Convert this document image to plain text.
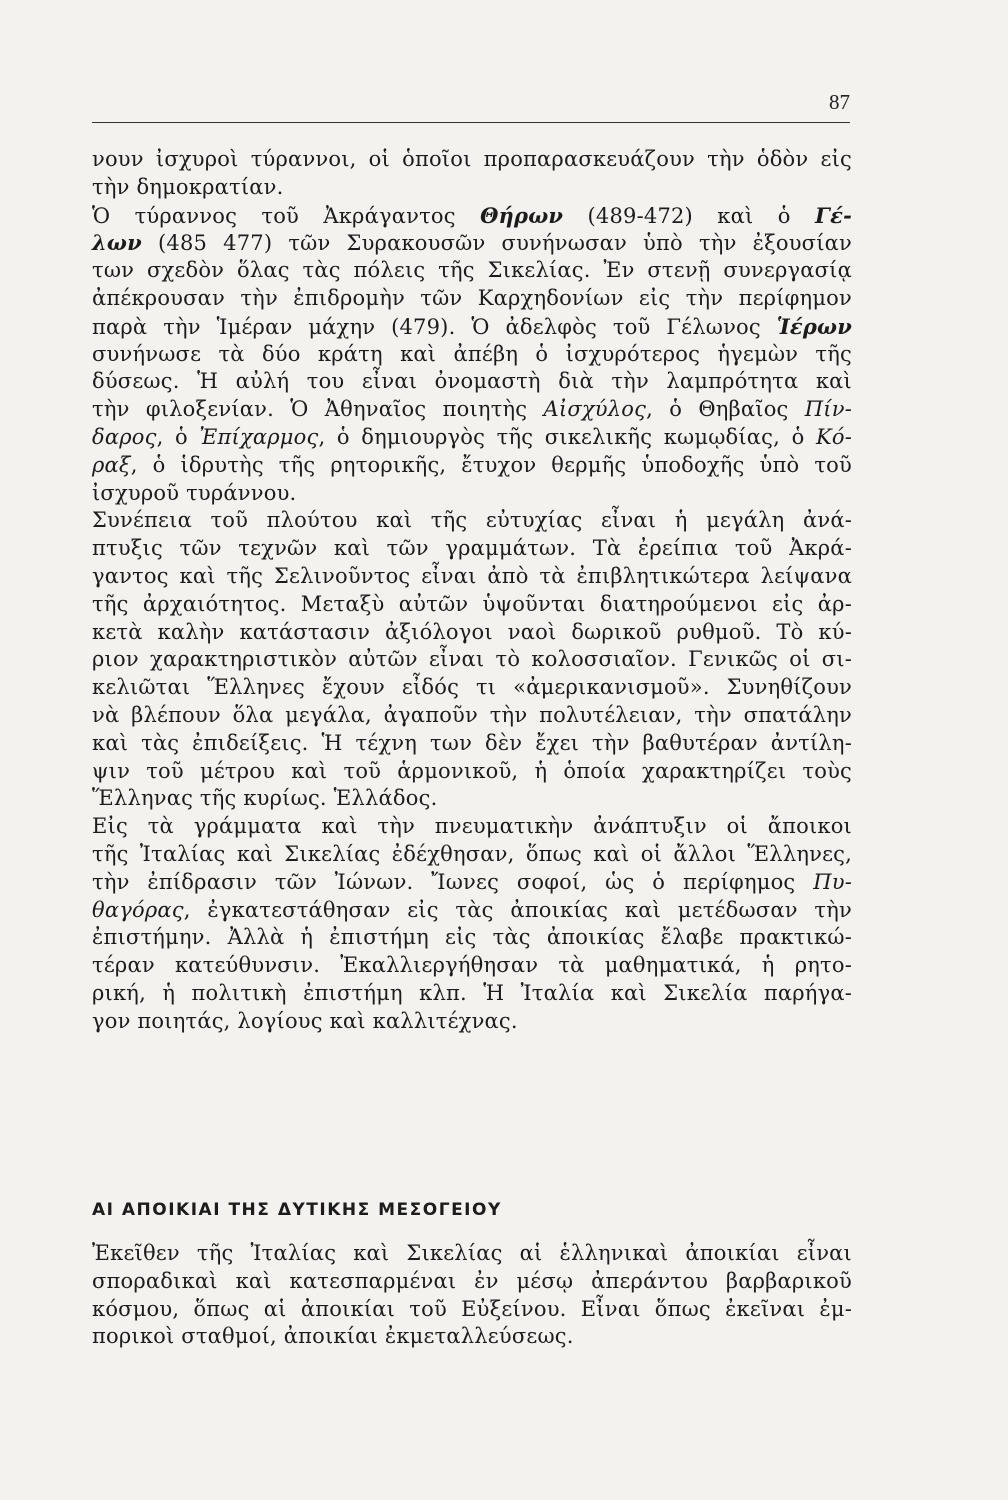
87
νουν ἰσχυροὶ τύραννοι, οἱ ὁποῖοι προπαρασκευάζουν τὴν ὁδὸν εἰς
τὴν δημοκρατίαν.
Ὁ τύραννος τοῦ Ἀκράγαντος Θήρων (489-472) καὶ ὁ Γέ-
λων (485 477) τῶν Συρακουσῶν συνήνωσαν ὑπὸ τὴν ἐξουσίαν
των σχεδὸν ὅλας τὰς πόλεις τῆς Σικελίας. Ἐν στενῇ συνεργασίᾳ
ἀπέκρουσαν τὴν ἐπιδρομὴν τῶν Καρχηδονίων εἰς τὴν περίφημον
παρὰ τὴν Ἱμέραν μάχην (479). Ὁ ἀδελφὸς τοῦ Γέλωνος Ἱέρων
συνήνωσε τὰ δύο κράτη καὶ ἀπέβη ὁ ἰσχυρότερος ἡγεμὼν τῆς
δύσεως. Ἡ αὐλή του εἶναι ὀνομαστὴ διὰ τὴν λαμπρότητα καὶ
τὴν φιλοξενίαν. Ὁ Ἀθηναῖος ποιητὴς Αἰσχύλος, ὁ Θηβαῖος Πίν-
δαρος, ὁ Ἐπίχαρμος, ὁ δημιουργὸς τῆς σικελικῆς κωμῳδίας, ὁ Κό-
ραξ, ὁ ἱδρυτὴς τῆς ρητορικῆς, ἔτυχον θερμῆς ὑποδοχῆς ὑπὸ τοῦ
ἰσχυροῦ τυράννου.
Συνέπεια τοῦ πλούτου καὶ τῆς εὐτυχίας εἶναι ἡ μεγάλη ἀνά-
πτυξις τῶν τεχνῶν καὶ τῶν γραμμάτων. Τὰ ἐρείπια τοῦ Ἀκρά-
γαντος καὶ τῆς Σελινοῦντος εἶναι ἀπὸ τὰ ἐπιβλητικώτερα λείψανα
τῆς ἀρχαιότητος. Μεταξὺ αὐτῶν ὑψοῦνται διατηρούμενοι εἰς ἀρ-
κετὰ καλὴν κατάστασιν ἀξιόλογοι ναοὶ δωρικοῦ ρυθμοῦ. Τὸ κύ-
ριον χαρακτηριστικὸν αὐτῶν εἶναι τὸ κολοσσιαῖον. Γενικῶς οἱ σι-
κελιῶται Ἕλληνες ἔχουν εἶδός τι «ἀμερικανισμοῦ». Συνηθίζουν
νὰ βλέπουν ὅλα μεγάλα, ἀγαποῦν τὴν πολυτέλειαν, τὴν σπατάλην
καὶ τὰς ἐπιδείξεις. Ἡ τέχνη των δὲν ἔχει τὴν βαθυτέραν ἀντίλη-
ψιν τοῦ μέτρου καὶ τοῦ ἁρμονικοῦ, ἡ ὁποία χαρακτηρίζει τοὺς
Ἕλληνας τῆς κυρίως. Ἑλλάδος.
Εἰς τὰ γράμματα καὶ τὴν πνευματικὴν ἀνάπτυξιν οἱ ἄποικοι
τῆς Ἰταλίας καὶ Σικελίας ἐδέχθησαν, ὅπως καὶ οἱ ἄλλοι Ἕλληνες,
τὴν ἐπίδρασιν τῶν Ἰώνων. Ἴωνες σοφοί, ὡς ὁ περίφημος Πυ-
θαγόρας, ἐγκατεστάθησαν εἰς τὰς ἀποικίας καὶ μετέδωσαν τὴν
ἐπιστήμην. Ἀλλὰ ἡ ἐπιστήμη εἰς τὰς ἀποικίας ἔλαβε πρακτικώ-
τέραν κατεύθυνσιν. Ἐκαλλιεργήθησαν τὰ μαθηματικά, ἡ ρητο-
ρική, ἡ πολιτικὴ ἐπιστήμη κλπ. Ἡ Ἰταλία καὶ Σικελία παρήγα-
γον ποιητάς, λογίους καὶ καλλιτέχνας.
ΑΙ ΑΠΟΙΚΙΑΙ ΤΗΣ ΔΥΤΙΚΗΣ ΜΕΣΟΓΕΙΟΥ
Ἐκεῖθεν τῆς Ἰταλίας καὶ Σικελίας αἱ ἑλληνικαὶ ἀποικίαι εἶναι
σποραδικαὶ καὶ κατεσπαρμέναι ἐν μέσῳ ἀπεράντου βαρβαρικοῦ
κόσμου, ὅπως αἱ ἀποικίαι τοῦ Εὐξείνου. Εἶναι ὅπως ἐκεῖναι ἐμ-
πορικοὶ σταθμοί, ἀποικίαι ἐκμεταλλεύσεως.
